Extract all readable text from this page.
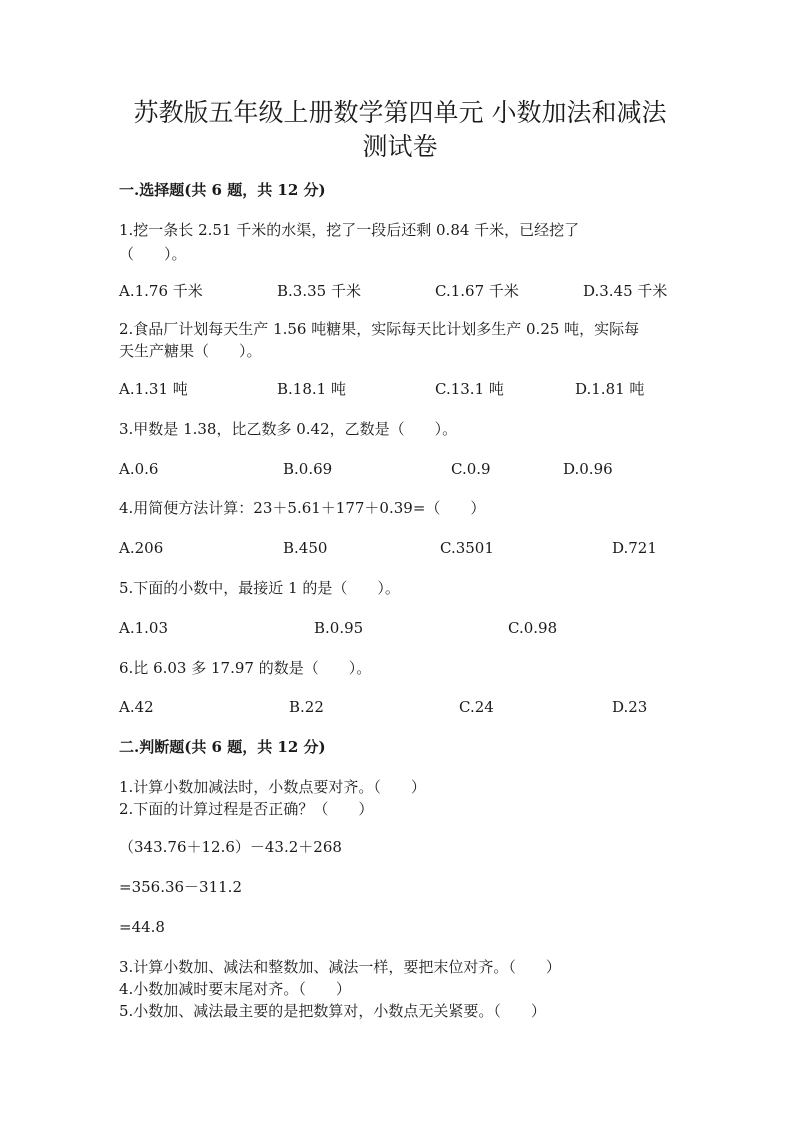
苏教版五年级上册数学第四单元 小数加法和减法
测试卷
一.选择题(共 6 题，共 12 分)
1.挖一条长 2.51 千米的水渠，挖了一段后还剩 0.84 千米，已经挖了
（　　）。
A.1.76 千米	B.3.35 千米	C.1.67 千米	D.3.45 千米
2.食品厂计划每天生产 1.56 吨糖果，实际每天比计划多生产 0.25 吨，实际每
天生产糖果（　　）。
A.1.31 吨	B.18.1 吨	C.13.1 吨	D.1.81 吨
3.甲数是 1.38，比乙数多 0.42，乙数是（　　）。
A.0.6	B.0.69	C.0.9	D.0.96
4.用简便方法计算：23＋5.61＋177＋0.39=（　　）
A.206	B.450	C.3501	D.721
5.下面的小数中，最接近 1 的是（　　）。
A.1.03	B.0.95	C.0.98
6.比 6.03 多 17.97 的数是（　　）。
A.42	B.22	C.24	D.23
二.判断题(共 6 题，共 12 分)
1.计算小数加减法时，小数点要对齐。（　　）
2.下面的计算过程是否正确？（　　）
（343.76＋12.6）－43.2＋268
=356.36－311.2
=44.8
3.计算小数加、减法和整数加、减法一样，要把末位对齐。（　　）
4.小数加减时要末尾对齐。（　　）
5.小数加、减法最主要的是把数算对，小数点无关紧要。（　　）
